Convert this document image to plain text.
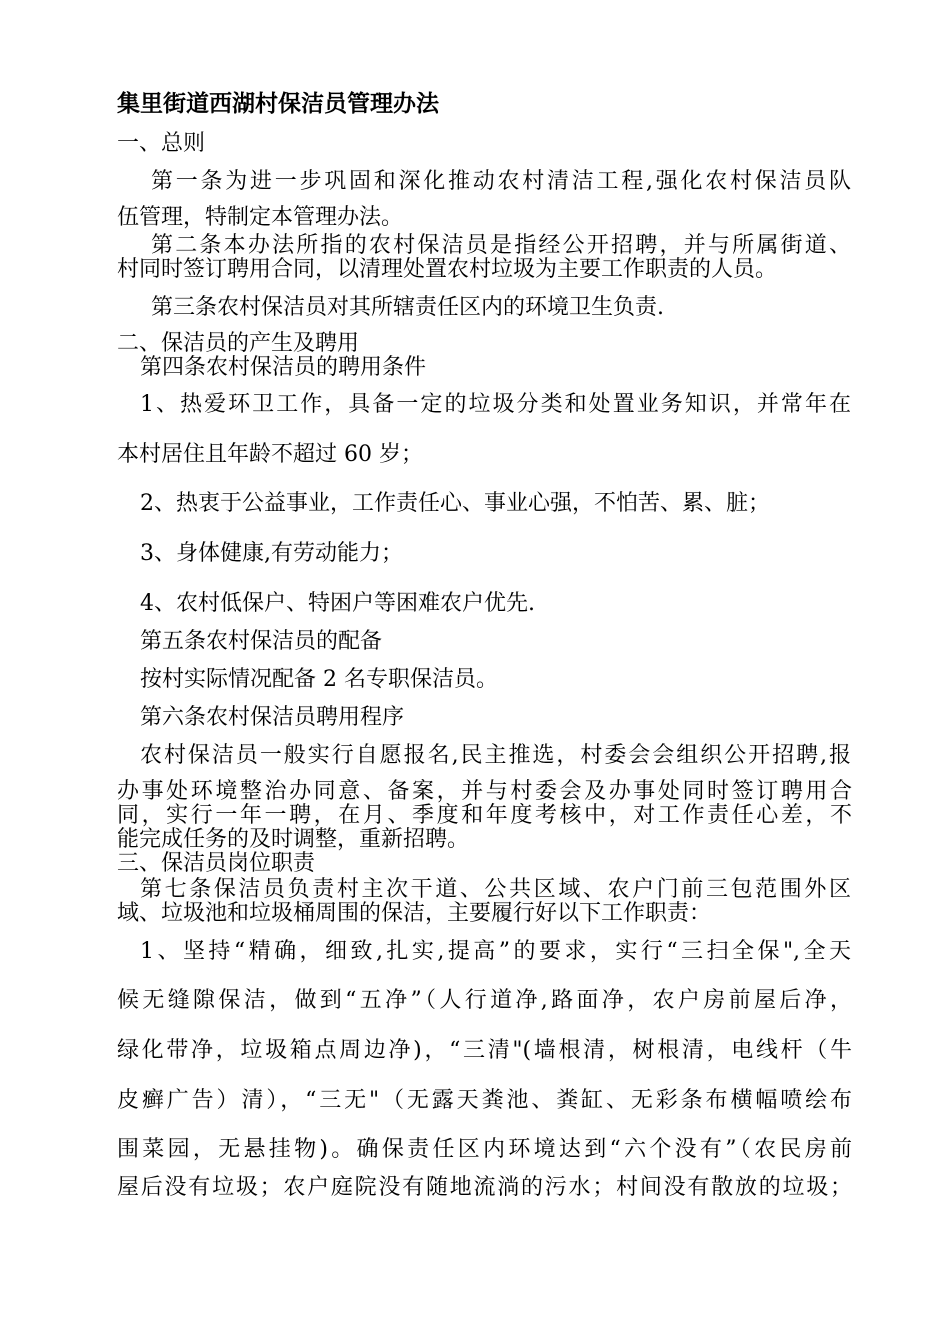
集里街道西湖村保洁员管理办法
一、总则
第一条为进一步巩固和深化推动农村清洁工程,强化农村保洁员队
伍管理，特制定本管理办法。
第二条本办法所指的农村保洁员是指经公开招聘，并与所属街道、
村同时签订聘用合同，以清理处置农村垃圾为主要工作职责的人员。
第三条农村保洁员对其所辖责任区内的环境卫生负责.
二、保洁员的产生及聘用
第四条农村保洁员的聘用条件
1、热爱环卫工作，具备一定的垃圾分类和处置业务知识，并常年在
本村居住且年龄不超过 60 岁；
2、热衷于公益事业，工作责任心、事业心强，不怕苦、累、脏；
3、身体健康,有劳动能力；
4、农村低保户、特困户等困难农户优先.
第五条农村保洁员的配备
按村实际情况配备 2 名专职保洁员。
第六条农村保洁员聘用程序
农村保洁员一般实行自愿报名,民主推选，村委会会组织公开招聘,报
办事处环境整治办同意、备案，并与村委会及办事处同时签订聘用合
同，实行一年一聘，在月、季度和年度考核中，对工作责任心差，不
能完成任务的及时调整，重新招聘。
三、保洁员岗位职责
第七条保洁员负责村主次干道、公共区域、农户门前三包范围外区
域、垃圾池和垃圾桶周围的保洁，主要履行好以下工作职责：
1、坚持“精确，细致,扎实,提高”的要求，实行“三扫全保",全天
候无缝隙保洁，做到“五净”（人行道净,路面净，农户房前屋后净，
绿化带净，垃圾箱点周边净)，“三清"(墙根清，树根清，电线杆（牛
皮癣广告）清），“三无"（无露天粪池、粪缸、无彩条布横幅喷绘布
围菜园，无悬挂物)。确保责任区内环境达到“六个没有”（农民房前
屋后没有垃圾；农户庭院没有随地流淌的污水；村间没有散放的垃圾；
